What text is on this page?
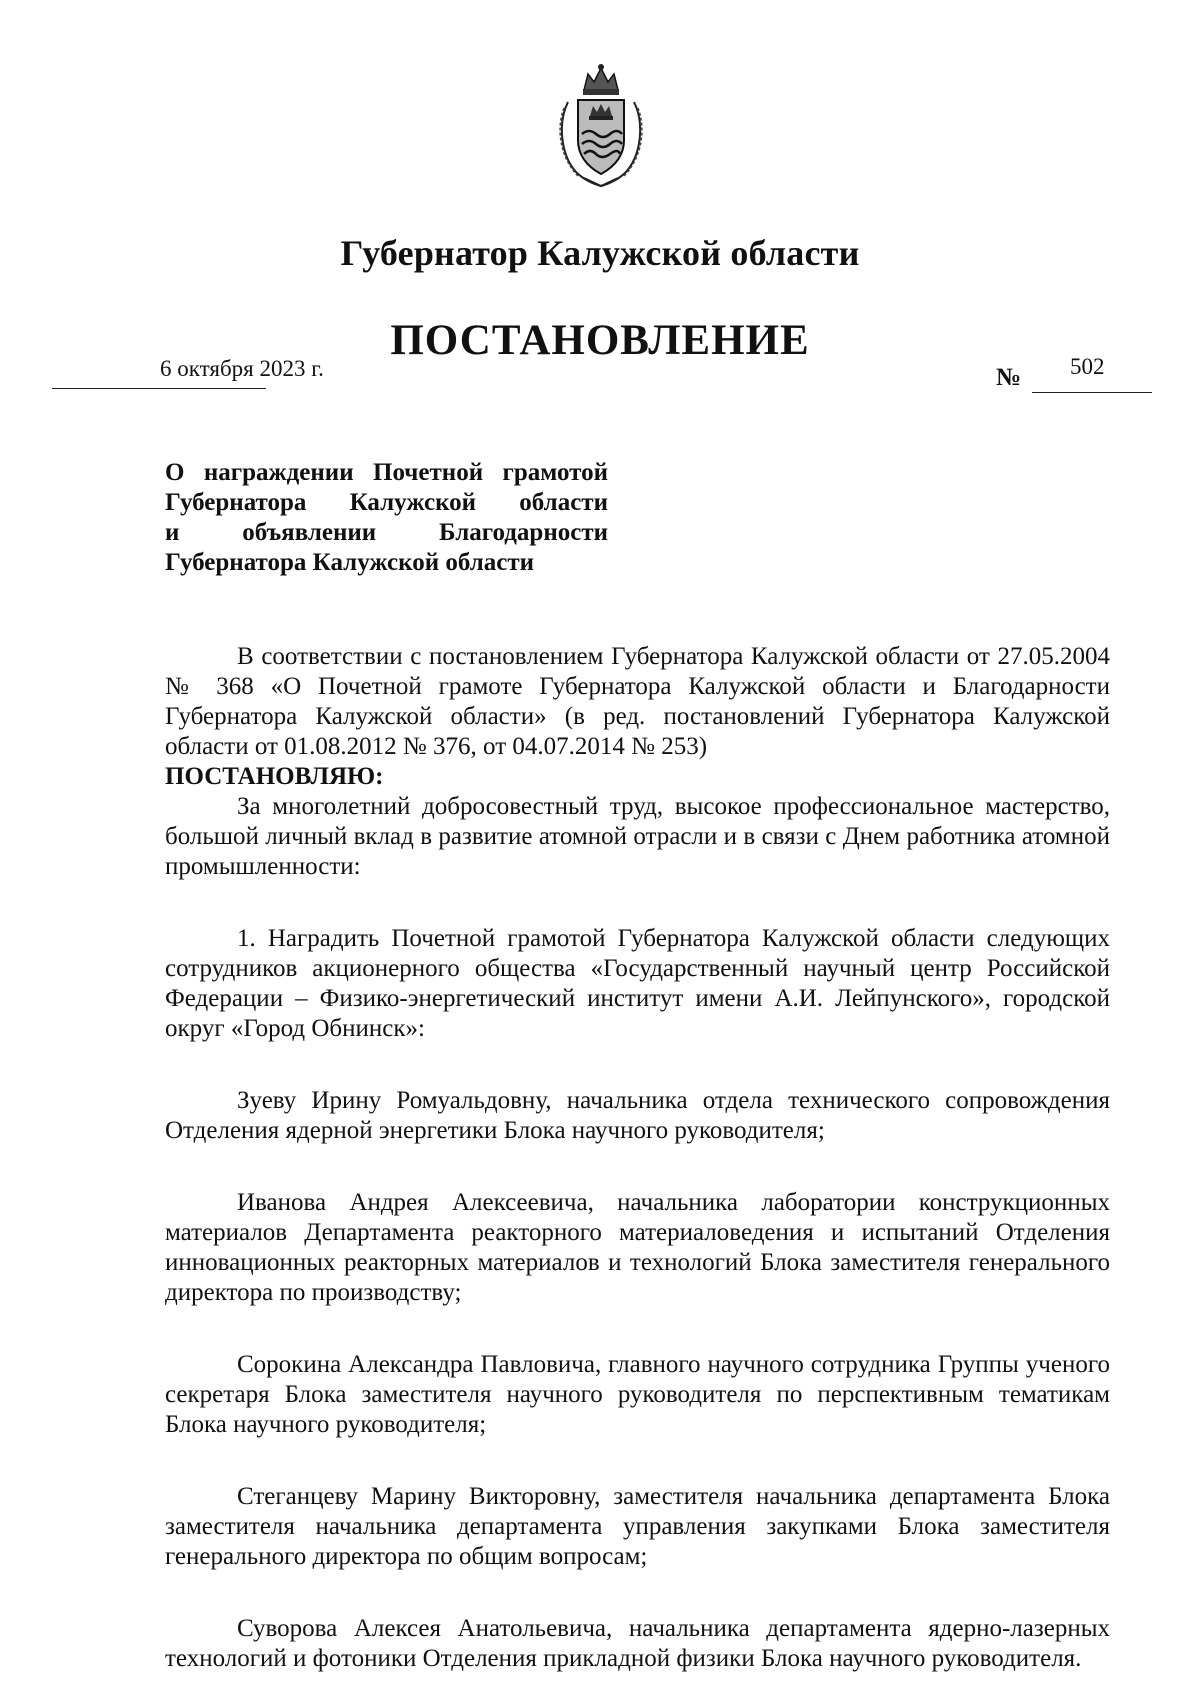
Губернатор Калужской области
ПОСТАНОВЛЕНИЕ
6 октября 2023 г.	№ 502
О награждении Почетной грамотой
Губернатора Калужской области
и объявлении Благодарности
Губернатора Калужской области

В соответствии с постановлением Губернатора Калужской области от 27.05.2004 № 368 «О Почетной грамоте Губернатора Калужской области и Благодарности Губернатора Калужской области» (в ред. постановлений Губернатора Калужской области от 01.08.2012 № 376, от 04.07.2014 № 253)

ПОСТАНОВЛЯЮ:

За многолетний добросовестный труд, высокое профессиональное мастерство, большой личный вклад в развитие атомной отрасли и в связи с Днем работника атомной промышленности:

1. Наградить Почетной грамотой Губернатора Калужской области следующих сотрудников акционерного общества «Государственный научный центр Российской Федерации – Физико-энергетический институт имени А.И. Лейпунского», городской округ «Город Обнинск»:

Зуеву Ирину Ромуальдовну, начальника отдела технического сопровождения Отделения ядерной энергетики Блока научного руководителя;

Иванова Андрея Алексеевича, начальника лаборатории конструкционных материалов Департамента реакторного материаловедения и испытаний Отделения инновационных реакторных материалов и технологий Блока заместителя генерального директора по производству;

Сорокина Александра Павловича, главного научного сотрудника Группы ученого секретаря Блока заместителя научного руководителя по перспективным тематикам Блока научного руководителя;

Стеганцеву Марину Викторовну, заместителя начальника департамента Блока заместителя начальника департамента управления закупками Блока заместителя генерального директора по общим вопросам;

Суворова Алексея Анатольевича, начальника департамента ядерно-лазерных технологий и фотоники Отделения прикладной физики Блока научного руководителя.
